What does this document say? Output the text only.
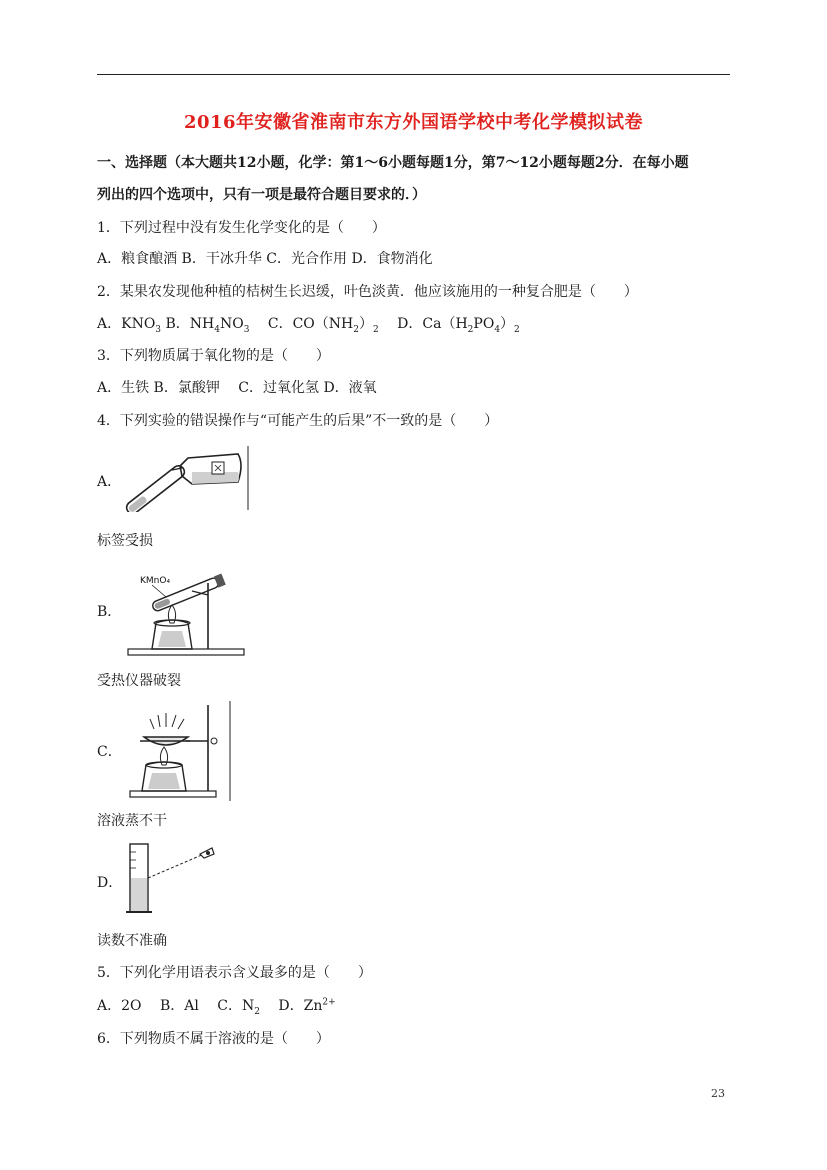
2016年安徽省淮南市东方外国语学校中考化学模拟试卷
一、选择题（本大题共12小题，化学：第1～6小题每题1分，第7～12小题每题2分．在每小题
列出的四个选项中，只有一项是最符合题目要求的．）
1．下列过程中没有发生化学变化的是（　　）
A．粮食酿酒 B．干冰升华 C．光合作用 D．食物消化
2．某果农发现他种植的桔树生长迟缓，叶色淡黄．他应该施用的一种复合肥是（　　）
A．$KNO_3$ B．$NH_4NO_3$　 C．$CO(NH_2)_2$　 D．$Ca(H_2PO_4)_2$
3．下列物质属于氧化物的是（　　）
A．生铁 B．氯酸钾　 C．过氧化氢 D．液氧
4．下列实验的错误操作与“可能产生的后果”不一致的是（　　）
A．
标签受损
B．
KMnO₄
受热仪器破裂
C．
溶液蒸不干
D．
读数不准确
5．下列化学用语表示含义最多的是（　　）
A．2O　 B．Al　 C．$N_2$　 D．$Zn^{2+}$
6．下列物质不属于溶液的是（　　）
23
